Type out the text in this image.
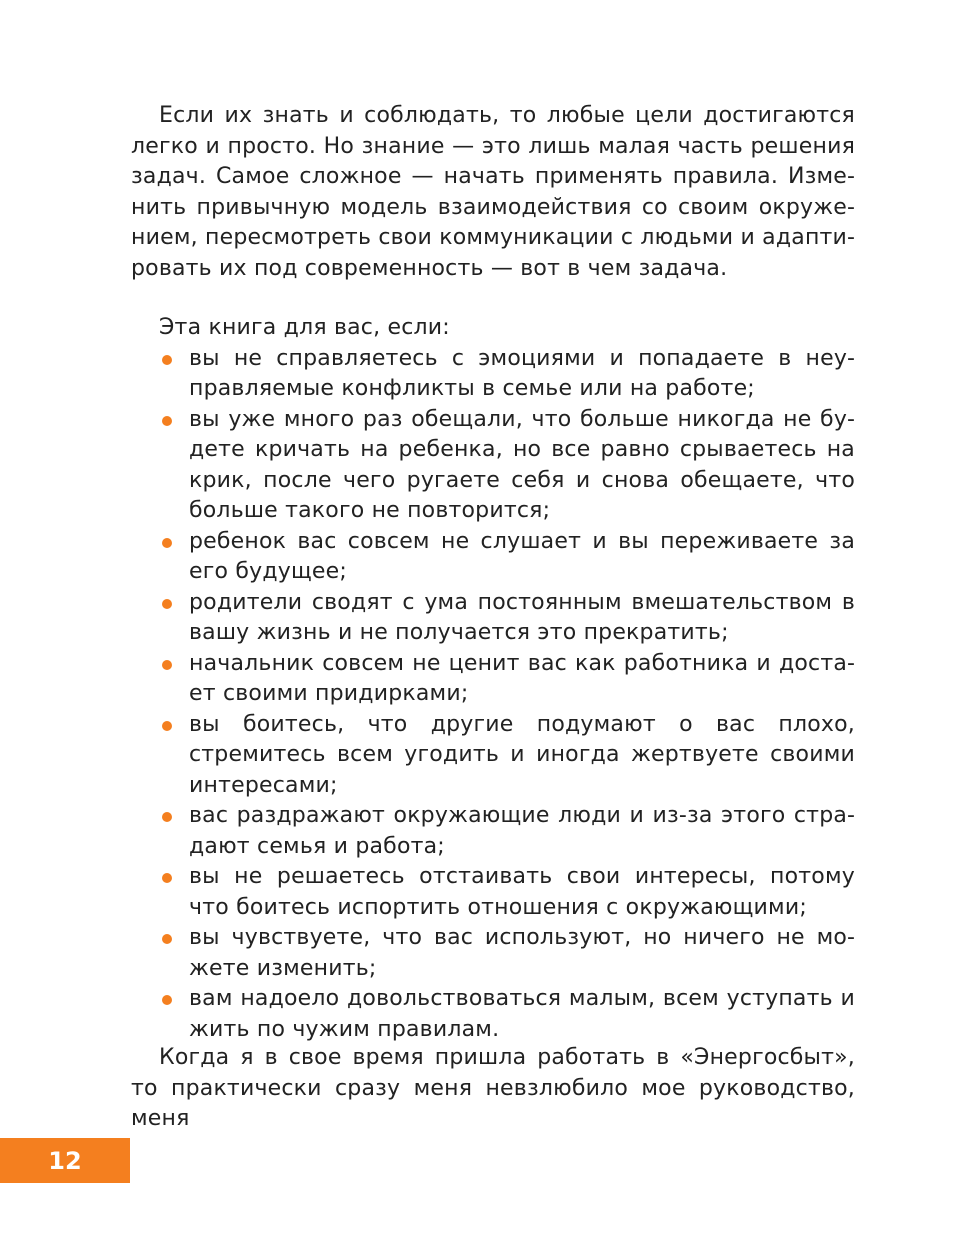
Если их знать и соблюдать, то любые цели достигаются легко и просто. Но знание — это лишь малая часть решения задач. Самое сложное — начать применять правила. Изменить привычную модель взаимодействия со своим окружением, пересмотреть свои коммуникации с людьми и адаптировать их под современность — вот в чем задача.

Эта книга для вас, если:

вы не справляетесь с эмоциями и попадаете в неуправляемые конфликты в семье или на работе;
вы уже много раз обещали, что больше никогда не будете кричать на ребенка, но все равно срываетесь на крик, после чего ругаете себя и снова обещаете, что больше такого не повторится;
ребенок вас совсем не слушает и вы переживаете за его будущее;
родители сводят с ума постоянным вмешательством в вашу жизнь и не получается это прекратить;
начальник совсем не ценит вас как работника и достает своими придирками;
вы боитесь, что другие подумают о вас плохо, стремитесь всем угодить и иногда жертвуете своими интересами;
вас раздражают окружающие люди и из-за этого страдают семья и работа;
вы не решаетесь отстаивать свои интересы, потому что боитесь испортить отношения с окружающими;
вы чувствуете, что вас используют, но ничего не можете изменить;
вам надоело довольствоваться малым, всем уступать и жить по чужим правилам.

Когда я в свое время пришла работать в «Энергосбыт», то практически сразу меня невзлюбило мое руководство, меня

12
